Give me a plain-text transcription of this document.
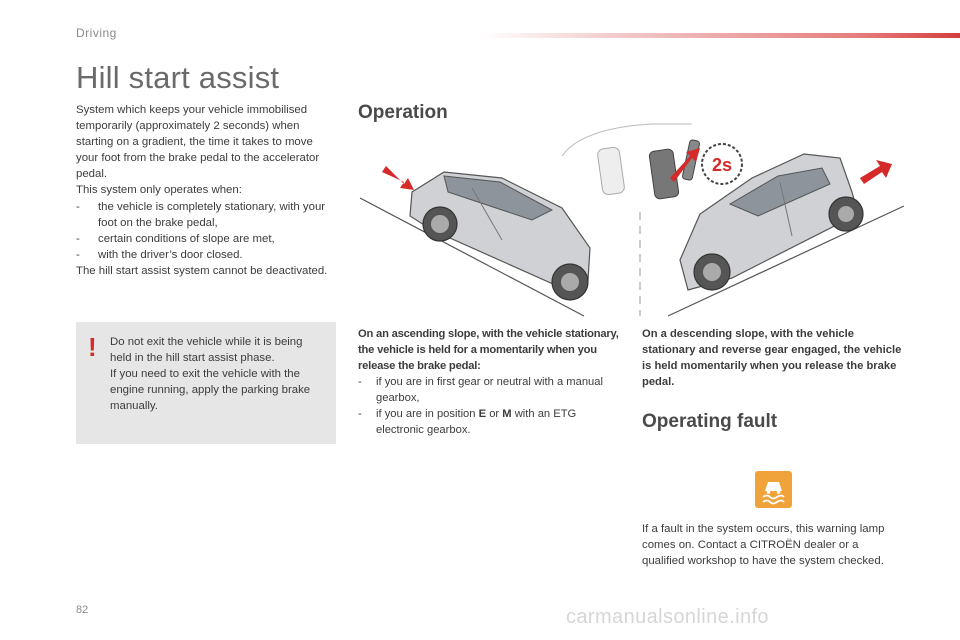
Driving
Hill start assist

System which keeps your vehicle immobilised temporarily (approximately 2 seconds) when starting on a gradient, the time it takes to move your foot from the brake pedal to the accelerator pedal.

This system only operates when:

- the vehicle is completely stationary, with your foot on the brake pedal,
- certain conditions of slope are met,
- with the driver’s door closed.

The hill start assist system cannot be deactivated.

! Do not exit the vehicle while it is being held in the hill start assist phase.

If you need to exit the vehicle with the engine running, apply the parking brake manually.

Operation
2s

On an ascending slope, with the vehicle stationary, the vehicle is held for a momentarily when you release the brake pedal:

- if you are in first gear or neutral with a manual gearbox,
- if you are in position E or M with an ETG electronic gearbox.

On a descending slope, with the vehicle stationary and reverse gear engaged, the vehicle is held momentarily when you release the brake pedal.

Operating fault

If a fault in the system occurs, this warning lamp comes on. Contact a CITROËN dealer or a qualified workshop to have the system checked.

82	carmanualsonline.info
